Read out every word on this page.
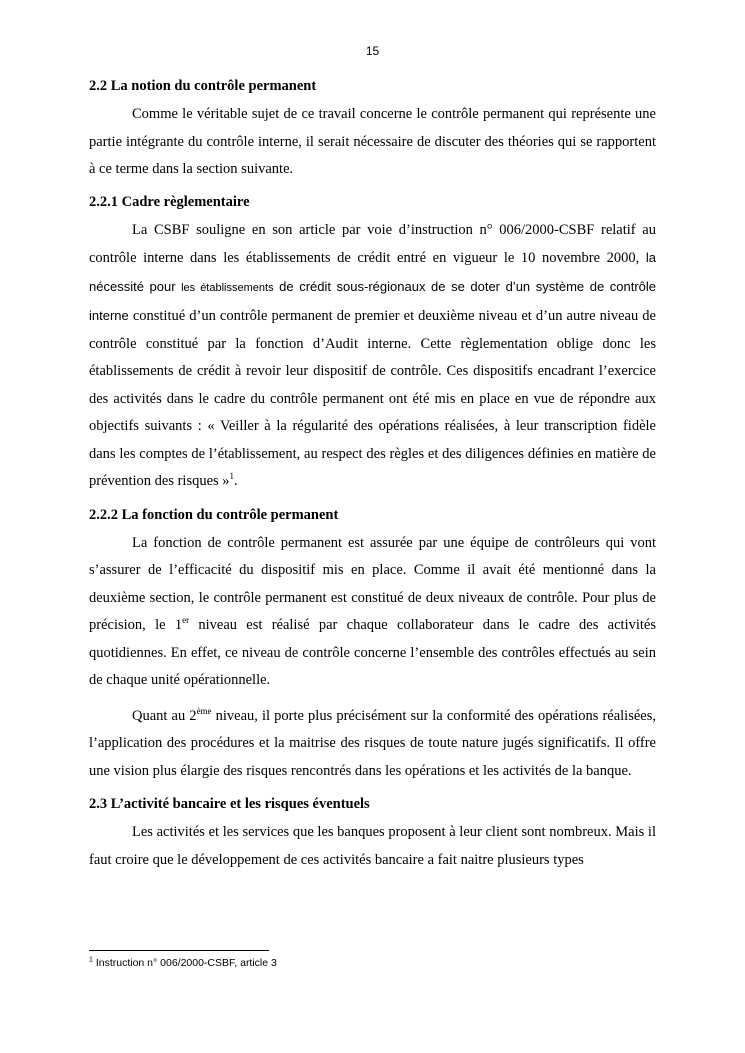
15
2.2 La notion du contrôle permanent

Comme le véritable sujet de ce travail concerne le contrôle permanent qui représente une partie intégrante du contrôle interne, il serait nécessaire de discuter des théories qui se rapportent à ce terme dans la section suivante.

2.2.1 Cadre règlementaire

La CSBF souligne en son article par voie d’instruction n° 006/2000-CSBF relatif au contrôle interne dans les établissements de crédit entré en vigueur le 10 novembre 2000, la nécessité pour les établissements de crédit sous-régionaux de se doter d’un système de contrôle interne constitué d’un contrôle permanent de premier et deuxième niveau et d’un autre niveau de contrôle constitué par la fonction d’Audit interne. Cette règlementation oblige donc les établissements de crédit à revoir leur dispositif de contrôle. Ces dispositifs encadrant l’exercice des activités dans le cadre du contrôle permanent ont été mis en place en vue de répondre aux objectifs suivants : « Veiller à la régularité des opérations réalisées, à leur transcription fidèle dans les comptes de l’établissement, au respect des règles et des diligences définies en matière de prévention des risques »$^1$.

2.2.2 La fonction du contrôle permanent

La fonction de contrôle permanent est assurée par une équipe de contrôleurs qui vont s’assurer de l’efficacité du dispositif mis en place. Comme il avait été mentionné dans la deuxième section, le contrôle permanent est constitué de deux niveaux de contrôle. Pour plus de précision, le 1er niveau est réalisé par chaque collaborateur dans le cadre des activités quotidiennes. En effet, ce niveau de contrôle concerne l’ensemble des contrôles effectués au sein de chaque unité opérationnelle.

Quant au 2ème niveau, il porte plus précisément sur la conformité des opérations réalisées, l’application des procédures et la maitrise des risques de toute nature jugés significatifs. Il offre une vision plus élargie des risques rencontrés dans les opérations et les activités de la banque.

2.3 L’activité bancaire et les risques éventuels

Les activités et les services que les banques proposent à leur client sont nombreux. Mais il faut croire que le développement de ces activités bancaire a fait naitre plusieurs types

$^1$ Instruction n° 006/2000-CSBF, article 3
